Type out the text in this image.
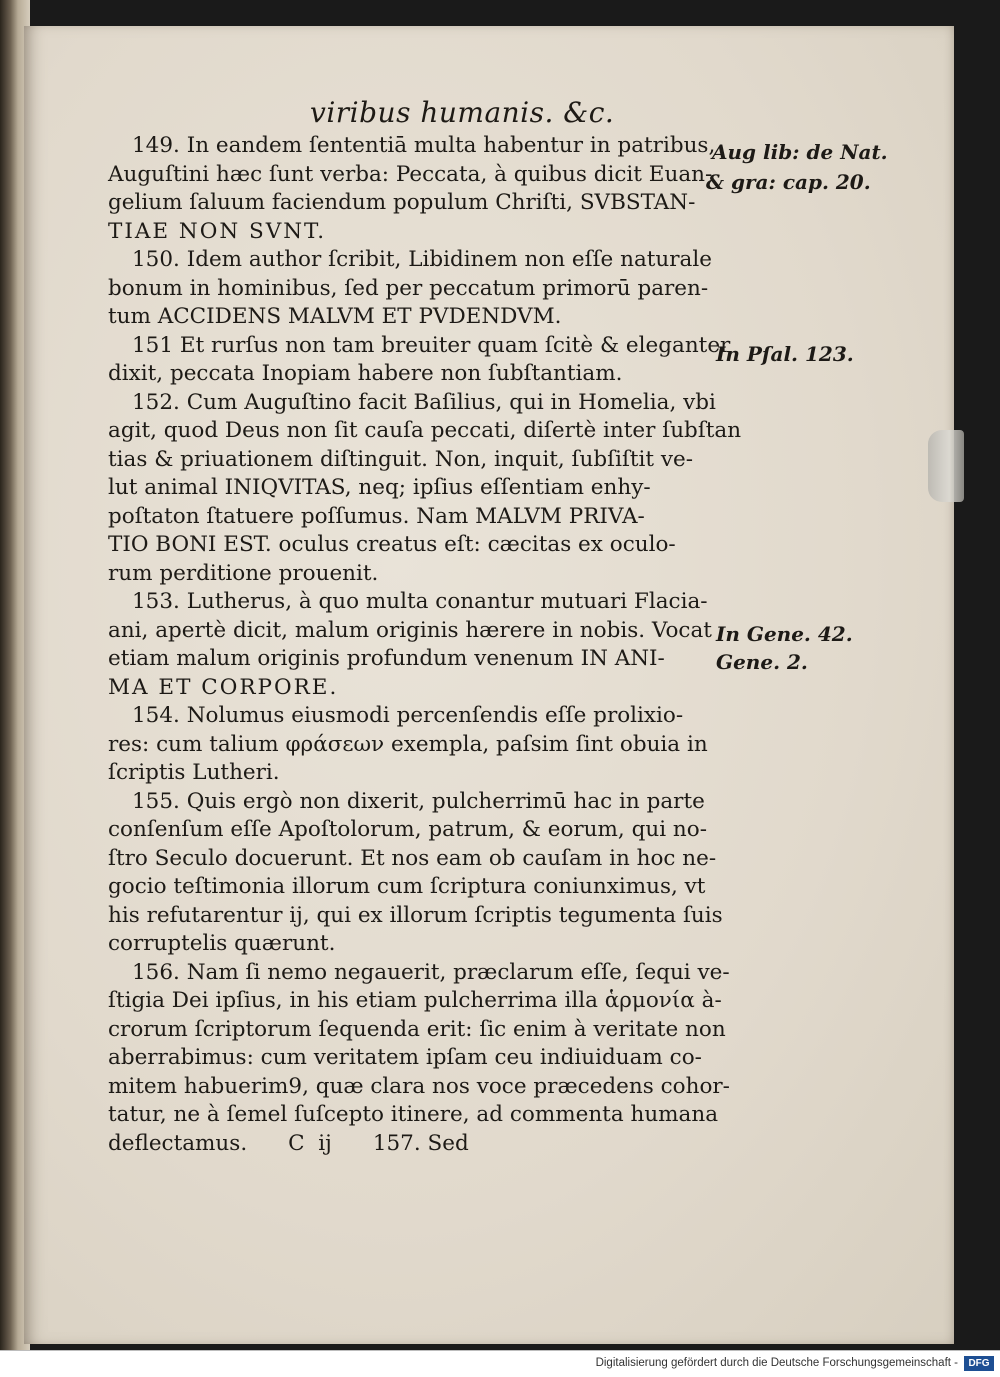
viribus humanis. &c.
149. In eandem ſententiā multa habentur in patribus,
Auguſtini hæc ſunt verba: Peccata, à quibus dicit Euan-
gelium ſaluum faciendum populum Chriſti, SVBSTAN-
TIAE NON SVNT.
150. Idem author ſcribit, Libidinem non eſſe naturale
bonum in hominibus, ſed per peccatum primorū paren-
tum ACCIDENS MALVM ET PVDENDVM.
151 Et rurſus non tam breuiter quam ſcitè & eleganter
dixit, peccata Inopiam habere non ſubſtantiam.
152. Cum Auguſtino facit Baſilius, qui in Homelia, vbi
agit, quod Deus non ſit cauſa peccati, diſertè inter ſubſtan
tias & priuationem diſtinguit. Non, inquit, ſubſiſtit ve-
lut animal INIQVITAS, neq; ipſius eſſentiam enhy-
poſtaton ſtatuere poſſumus. Nam MALVM PRIVA-
TIO BONI EST. oculus creatus eſt: cæcitas ex oculo-
rum perditione prouenit.
153. Lutherus, à quo multa conantur mutuari Flacia-
ani, apertè dicit, malum originis hærere in nobis. Vocat
etiam malum originis profundum venenum IN ANI-
MA ET CORPORE.
154. Nolumus eiusmodi percenſendis eſſe prolixio-
res: cum talium φράσεων exempla, paſsim ſint obuia in
ſcriptis Lutheri.
155. Quis ergò non dixerit, pulcherrimū hac in parte
conſenſum eſſe Apoſtolorum, patrum, & eorum, qui no-
ſtro Seculo docuerunt. Et nos eam ob cauſam in hoc ne-
gocio teſtimonia illorum cum ſcriptura coniunximus, vt
his refutarentur ij, qui ex illorum ſcriptis tegumenta ſuis
corruptelis quærunt.
156. Nam ſi nemo negauerit, præclarum eſſe, ſequi ve-
ſtigia Dei ipſius, in his etiam pulcherrima illa ἁρμονία à-
crorum ſcriptorum ſequenda erit: ſic enim à veritate non
aberrabimus: cum veritatem ipſam ceu indiuiduam co-
mitem habuerim9, quæ clara nos voce præcedens cohor-
tatur, ne à ſemel ſuſcepto itinere, ad commenta humana
deflectamus.      C  ij      157. Sed
Aug lib: de Nat.
& gra: cap. 20.
In Pſal. 123.
In Gene. 42.
Gene. 2.
Digitalisierung gefördert durch die Deutsche Forschungsgemeinschaft -	DFG
